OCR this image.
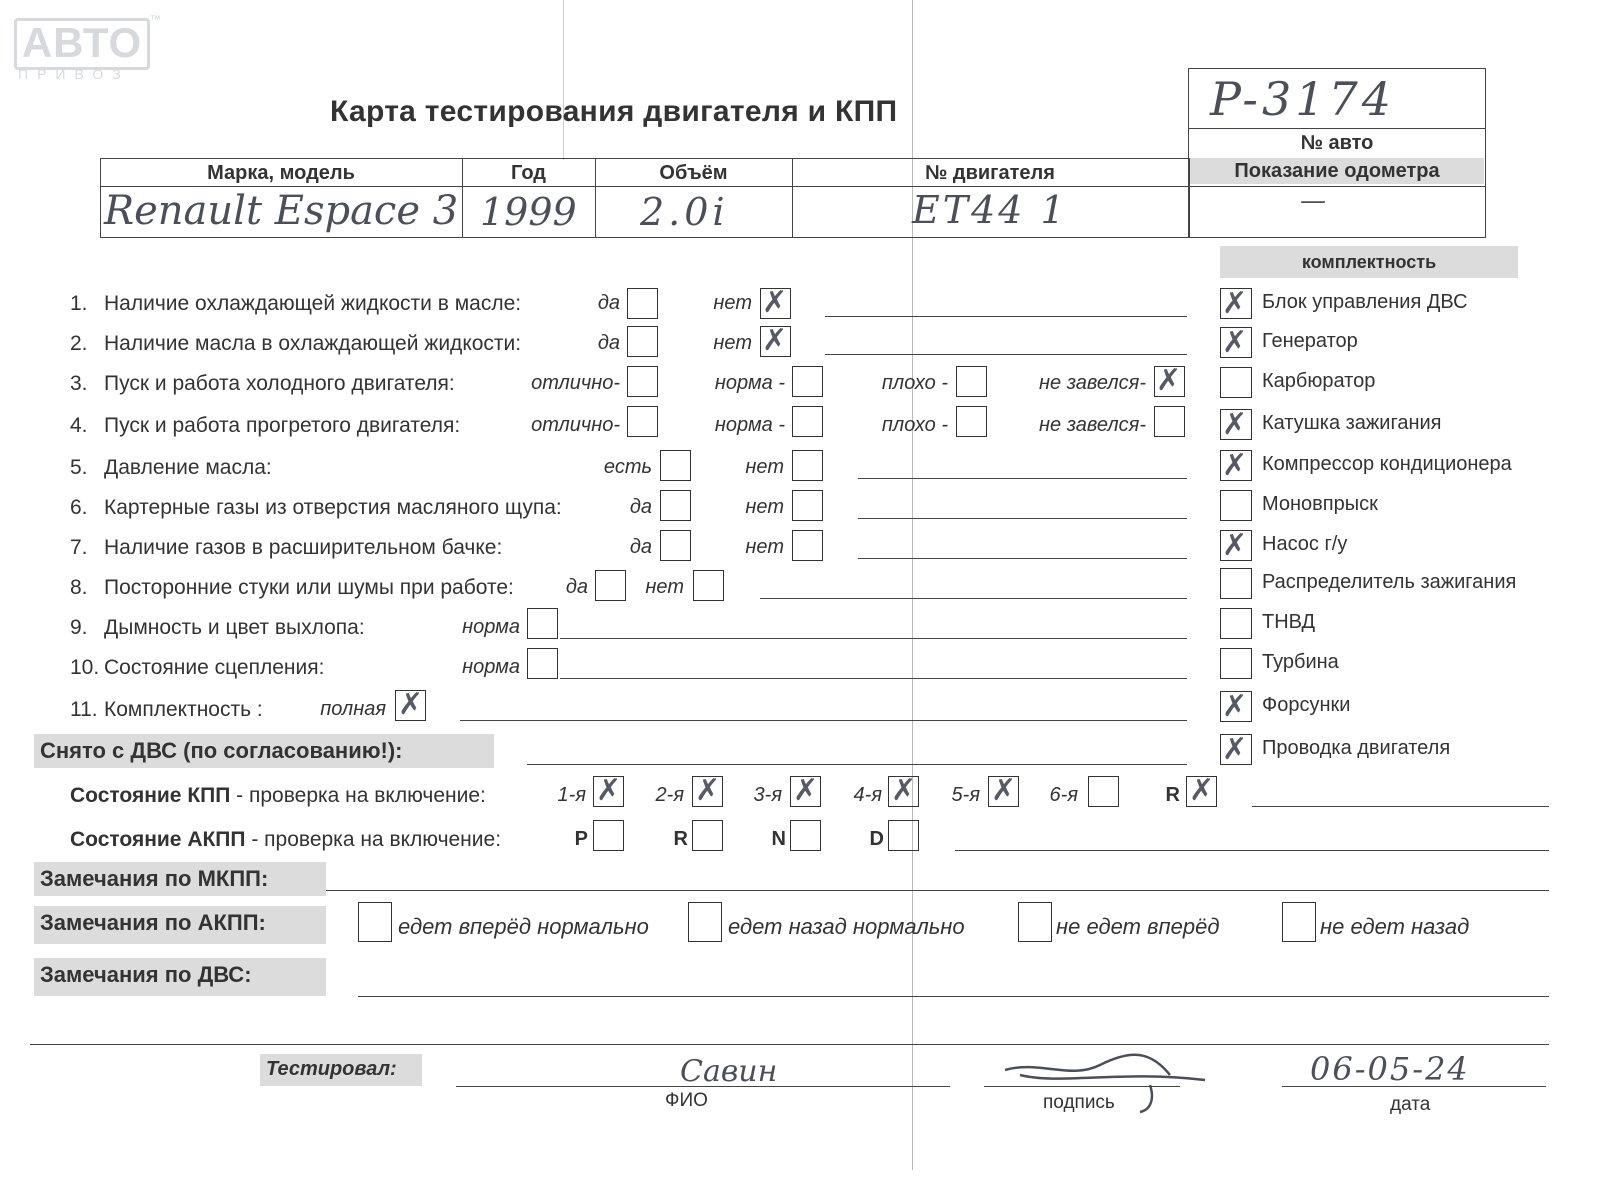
АВТО ™
ПРИВОЗ
Карта тестирования двигателя и КПП	P-3174
№ авто
Показание одометра
—
Марка, модель	Год	Объём	№ двигателя
Renault Espace 3 1999 2.0i	ET44 1
1. Наличие охлаждающей жидкости в масле:	да	нет ✗
2. Наличие масла в охлаждающей жидкости:	да	нет ✗
3. Пуск и работа холодного двигателя:	отлично-	норма -	плохо -	не завелся- ✗
4. Пуск и работа прогретого двигателя:	отлично-	норма -	плохо -	не завелся-
5. Давление масла:	есть	нет
6. Картерные газы из отверстия масляного щупа:	да	нет
7. Наличие газов в расширительном бачке:	да	нет
8. Посторонние стуки или шумы при работе:	да	нет
9. Дымность и цвет выхлопа:	норма
10. Состояние сцепления:	норма
11. Комплектность :	полная ✗
Снято с ДВС (по согласованию!):
Состояние КПП - проверка на включение:	1-я ✗	2-я ✗	3-я ✗	4-я ✗	5-я ✗	6-я	R ✗
Состояние АКПП - проверка на включение:	P	R	N	D
Замечания по МКПП:
Замечания по АКПП:	едет вперёд нормально	едет назад нормально	не едет вперёд	не едет назад
Замечания по ДВС:
Тестировал:	Савин
ФИО	подпись
06-05-24
дата
комплектность
✗ Блок управления ДВС
✗ Генератор
Карбюратор
✗ Катушка зажигания
✗ Компрессор кондиционера
Моновпрыск
✗ Насос г/у
Распределитель зажигания
ТНВД
Турбина
✗ Форсунки
✗ Проводка двигателя
